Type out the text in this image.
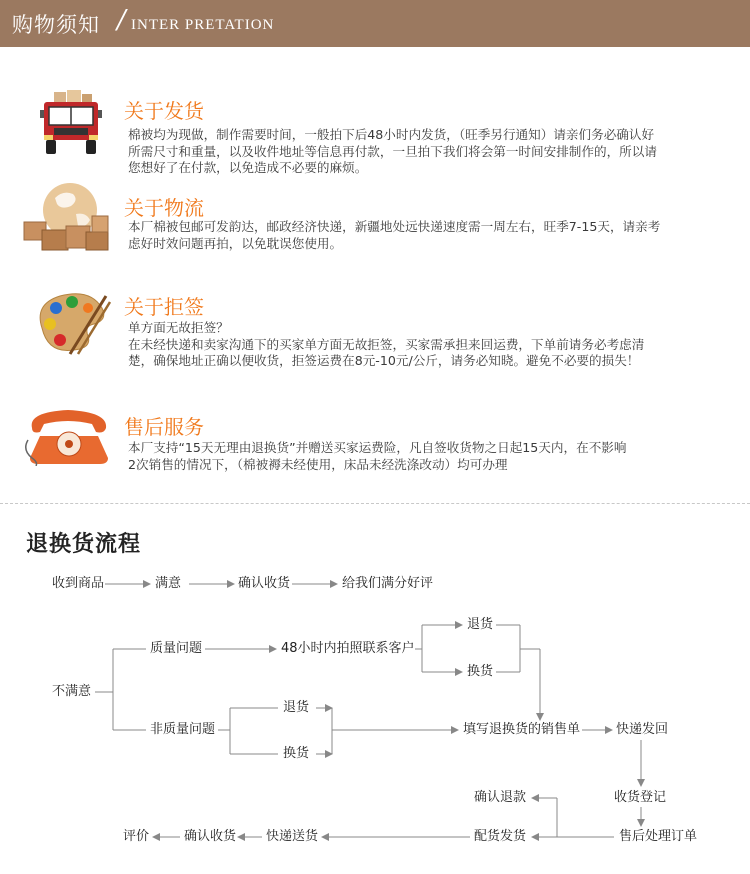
购物须知 / INTER PRETATION
关于发货
棉被均为现做，制作需要时间，一般拍下后48小时内发货，（旺季另行通知）请亲们务必确认好
所需尺寸和重量，以及收件地址等信息再付款，一旦拍下我们将会第一时间安排制作的，所以请
您想好了在付款，以免造成不必要的麻烦。
关于物流
本厂棉被包邮可发韵达，邮政经济快递，新疆地处远快递速度需一周左右，旺季7-15天，请亲考
虑好时效问题再拍，以免耽误您使用。
关于拒签
单方面无故拒签？
在未经快递和卖家沟通下的买家单方面无故拒签，买家需承担来回运费，下单前请务必考虑清
楚，确保地址正确以便收货，拒签运费在8元-10元/公斤，请务必知晓。避免不必要的损失！
售后服务
本厂支持“15天无理由退换货”并赠送买家运费险，凡自签收货物之日起15天内，在不影响
2次销售的情况下，（棉被褥未经使用，床品未经洗涤改动）均可办理
退换货流程
收到商品	满意	确认收货	给我们满分好评
不满意
质量问题	48小时内拍照联系客户
退货
换货
非质量问题
退货
换货
填写退换货的销售单	快递发回
确认退款	收货登记
评价	确认收货 快递送货	配货发货	售后处理订单
